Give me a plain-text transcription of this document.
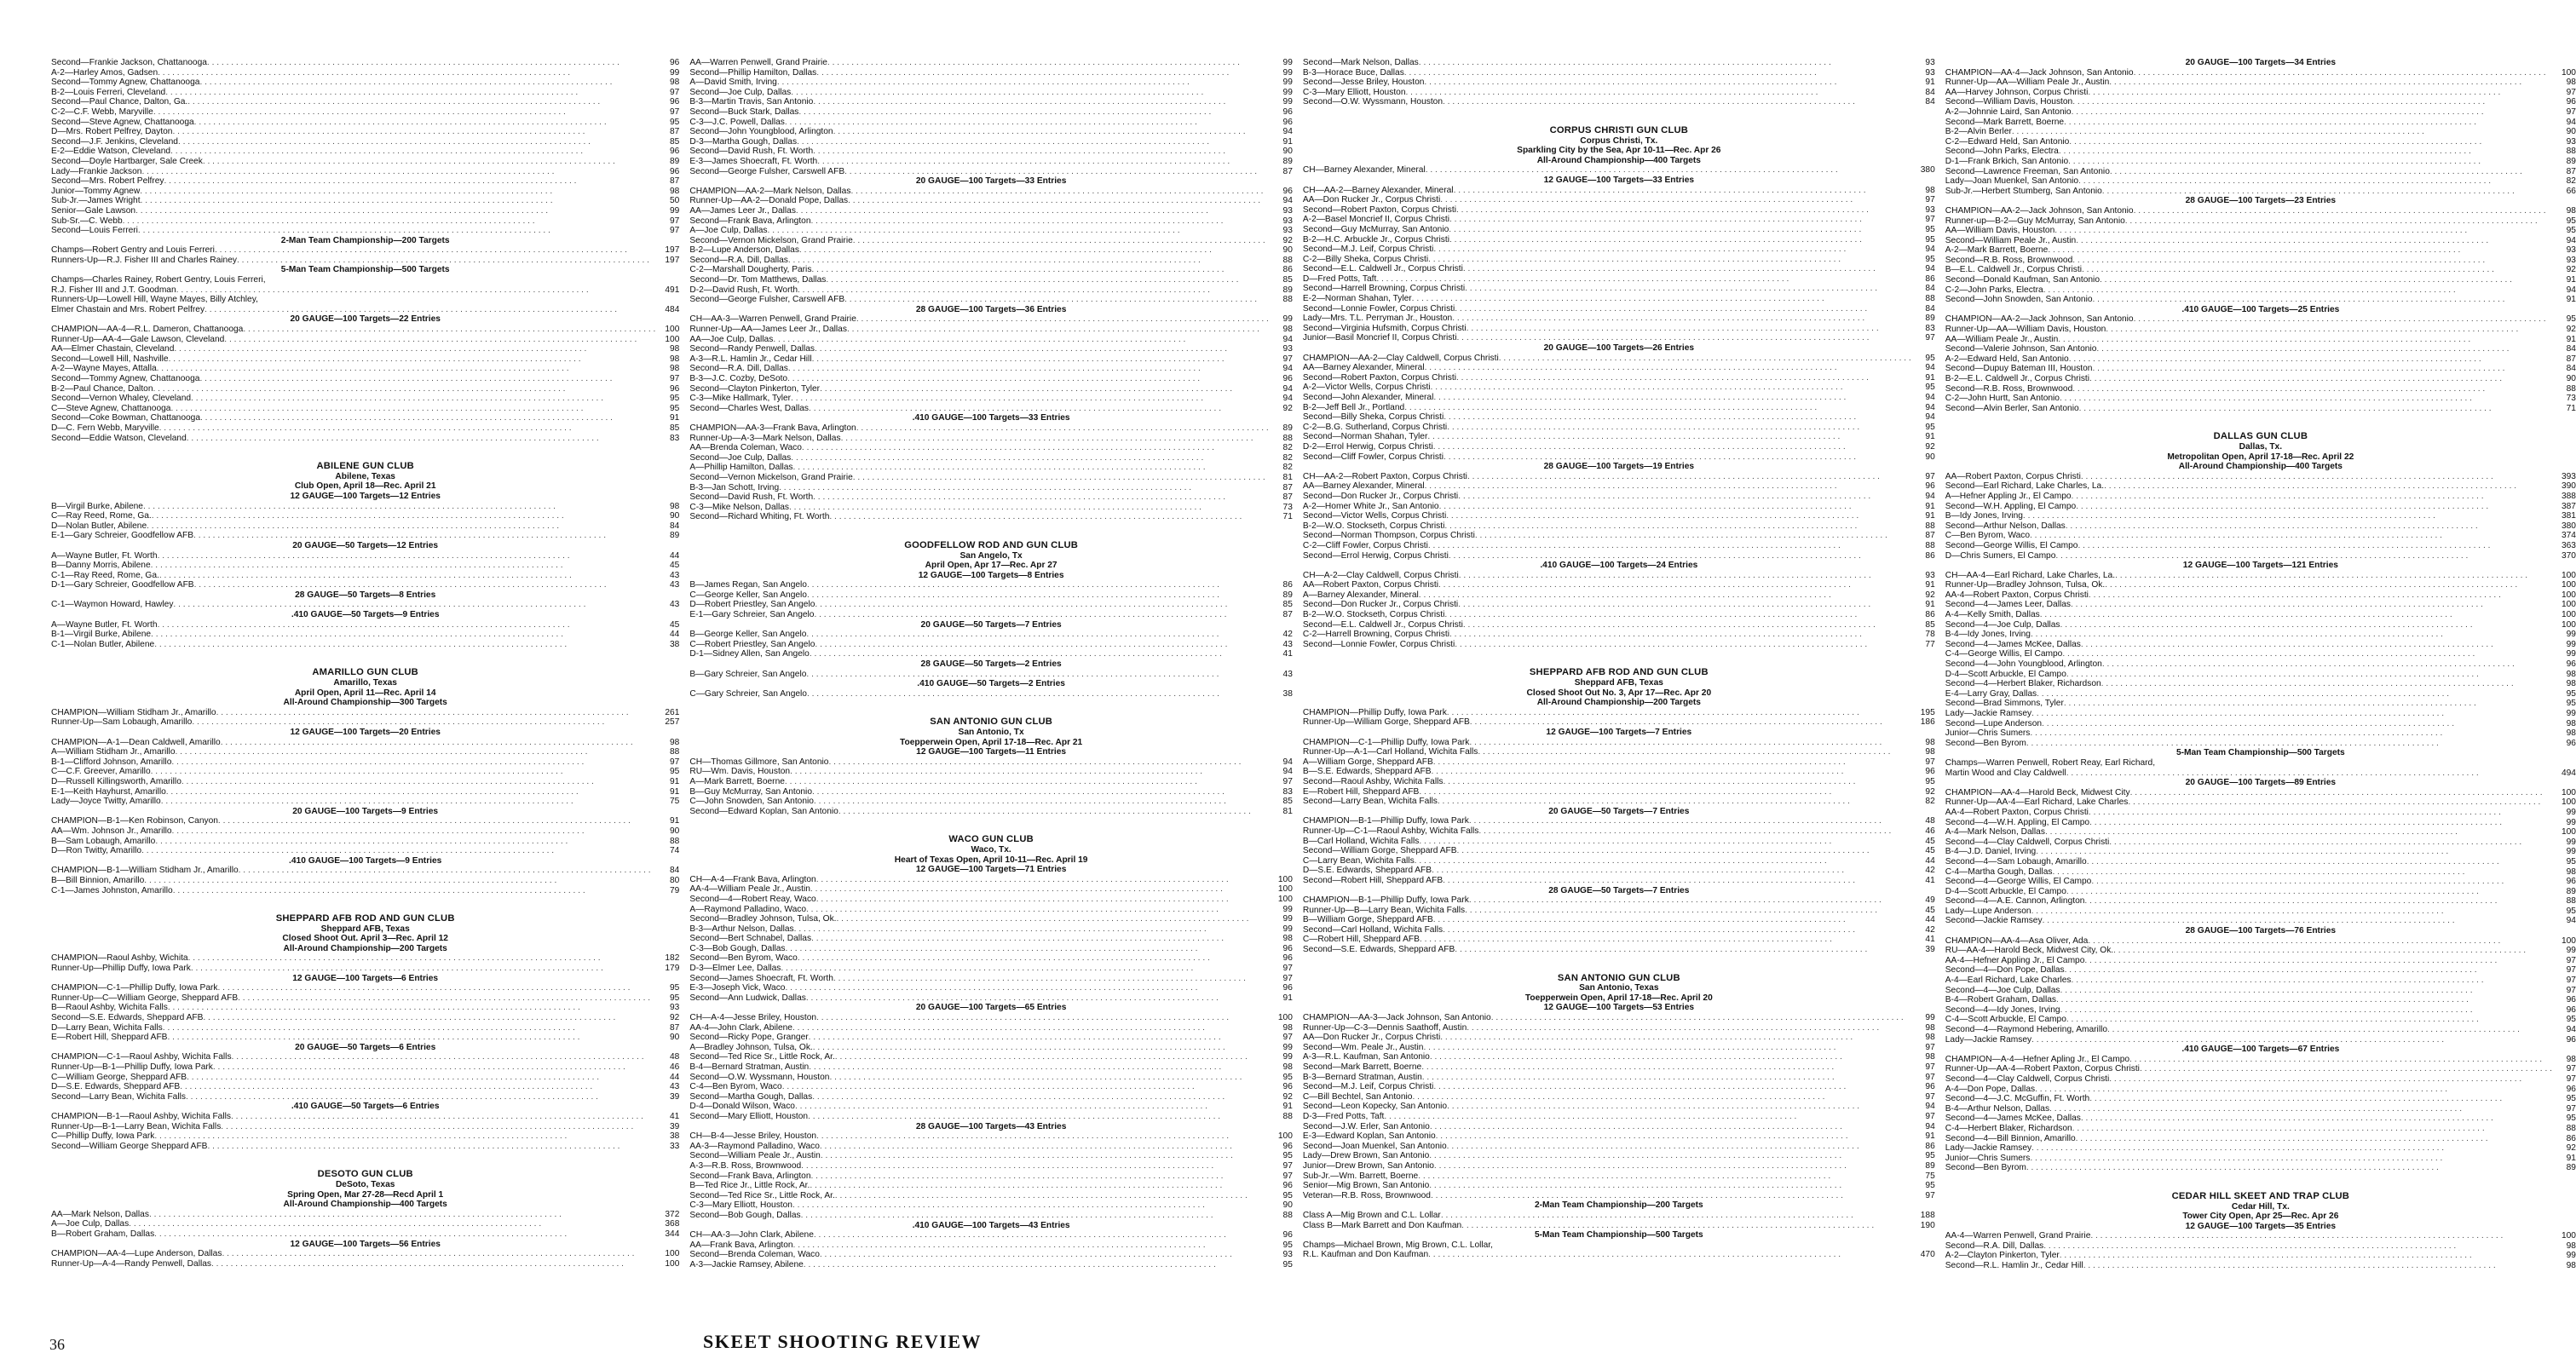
Second—Frankie Jackson, Chattanooga . . .	96
A-2—Harley Amos, Gadsen . . .	99
Second—Tommy Agnew, Chattanooga . . .	98
B-2—Louis Ferreri, Cleveland . . .	97
Second—Paul Chance, Dalton, Ga. . . .	96
C-2—C.F. Webb, Maryville . . .	97
Second—Steve Agnew, Chattanooga . . .	95
D—Mrs. Robert Pelfrey, Dayton . . .	87
Second—J.F. Jenkins, Cleveland . . .	85
E-2—Eddie Watson, Cleveland . . .	96
Second—Doyle Hartbarger, Sale Creek . . .	89
Lady—Frankie Jackson . . .	96
Second—Mrs. Robert Pelfrey . . .	87
Junior—Tommy Agnew . . .	98
Sub-Jr.—James Wright . . .	50
Senior—Gale Lawson . . .	99
Sub-Sr.—C. Webb . . .	97
Second—Louis Ferreri . . .	97
2-Man Team Championship—200 Targets
Champs—Robert Gentry and Louis Ferreri . . .	197
Runners-Up—R.J. Fisher III and Charles Rainey . . .	197
5-Man Team Championship—500 Targets
Champs—Charles Rainey, Robert Gentry, Louis Ferreri,
R.J. Fisher III and J.T. Goodman . . .	491
Runners-Up—Lowell Hill, Wayne Mayes, Billy Atchley,
Elmer Chastain and Mrs. Robert Pelfrey . . .	484
20 GAUGE—100 Targets—22 Entries
CHAMPION—AA-4—R.L. Dameron, Chattanooga . . .	100
Runner-Up—AA-4—Gale Lawson, Cleveland . . .	100
AA—Elmer Chastain, Cleveland . . .	98
Second—Lowell Hill, Nashville . . .	98
A-2—Wayne Mayes, Attalla . . .	98
Second—Tommy Agnew, Chattanooga . . .	97
B-2—Paul Chance, Dalton . . .	96
Second—Vernon Whaley, Cleveland . . .	95
C—Steve Agnew, Chattanooga . . .	95
Second—Coke Bowman, Chattanooga . . .	91
D—C. Fern Webb, Maryville . . .	85
Second—Eddie Watson, Cleveland . . .	83
ABILENE GUN CLUB
Abilene, Texas
Club Open, April 18—Rec. April 21
12 GAUGE—100 Targets—12 Entries
B—Virgil Burke, Abilene . . .	98
C—Ray Reed, Rome, Ga. . . .	90
D—Nolan Butler, Abilene . . .	84
E-1—Gary Schreier, Goodfellow AFB . . .	89
20 GAUGE—50 Targets—12 Entries
A—Wayne Butler, Ft. Worth . . .	44
B—Danny Morris, Abilene . . .	45
C-1—Ray Reed, Rome, Ga. . . .	43
D-1—Gary Schreier, Goodfellow AFB . . .	43
28 GAUGE—50 Targets—8 Entries
C-1—Waymon Howard, Hawley . . .	43
.410 GAUGE—50 Targets—9 Entries
A—Wayne Butler, Ft. Worth . . .	45
B-1—Virgil Burke, Abilene . . .	44
C-1—Nolan Butler, Abilene . . .	38
AMARILLO GUN CLUB
Amarillo, Texas
April Open, April 11—Rec. April 14
All-Around Championship—300 Targets
CHAMPION—William Stidham Jr., Amarillo . . .	261
Runner-Up—Sam Lobaugh, Amarillo . . .	257
12 GAUGE—100 Targets—20 Entries
CHAMPION—A-1—Dean Caldwell, Amarillo . . .	98
A—William Stidham Jr., Amarillo . . .	88
B-1—Clifford Johnson, Amarillo . . .	97
C—C.F. Greever, Amarillo . . .	95
D—Russell Killingsworth, Amarillo . . .	91
E-1—Keith Hayhurst, Amarillo . . .	91
Lady—Joyce Twitty, Amarillo . . .	75
20 GAUGE—100 Targets—9 Entries
CHAMPION—B-1—Ken Robinson, Canyon . . .	91
AA—Wm. Johnson Jr., Amarillo . . .	90
B—Sam Lobaugh, Amarillo . . .	88
D—Ron Twitty, Amarillo . . .	74
.410 GAUGE—100 Targets—9 Entries
CHAMPION—B-1—William Stidham Jr., Amarillo . . .	84
B—Bill Binnion, Amarillo . . .	80
C-1—James Johnston, Amarillo . . .	79
SHEPPARD AFB ROD AND GUN CLUB
Sheppard AFB, Texas
Closed Shoot Out. April 3—Rec. April 12
All-Around Championship—200 Targets
CHAMPION—Raoul Ashby, Wichita . . .	182
Runner-Up—Phillip Duffy, Iowa Park . . .	179
12 GAUGE—100 Targets—6 Entries
CHAMPION—C-1—Phillip Duffy, Iowa Park . . .	95
Runner-Up—C—William George, Sheppard AFB . . .	95
B—Raoul Ashby, Wichita Falls . . .	93
Second—S.E. Edwards, Sheppard AFB . . .	92
D—Larry Bean, Wichita Falls . . .	87
E—Robert Hill, Sheppard AFB . . .	90
20 GAUGE—50 Targets—6 Entries
CHAMPION—C-1—Raoul Ashby, Wichita Falls . . .	48
Runner-Up—B-1—Phillip Duffy, Iowa Park . . .	46
C—William George, Sheppard AFB . . .	44
D—S.E. Edwards, Sheppard AFB . . .	43
Second—Larry Bean, Wichita Falls . . .	39
.410 GAUGE—50 Targets—6 Entries
CHAMPION—B-1—Raoul Ashby, Wichita Falls . . .	41
Runner-Up—B-1—Larry Bean, Wichita Falls . . .	39
C—Phillip Duffy, Iowa Park . . .	38
Second—William George Sheppard AFB . . .	33
DESOTO GUN CLUB
DeSoto, Texas
Spring Open, Mar 27-28—Recd April 1
All-Around Championship—400 Targets
AA—Mark Nelson, Dallas . . .	372
A—Joe Culp, Dallas . . .	368
B—Robert Graham, Dallas . . .	344
12 GAUGE—100 Targets—56 Entries
CHAMPION—AA-4—Lupe Anderson, Dallas . . .	100
Runner-Up—A-4—Randy Penwell, Dallas . . .	100
AA—Warren Penwell, Grand Prairie . . .	99
Second—Phillip Hamilton, Dallas . . .	99
A—David Smith, Irving . . .	99
Second—Joe Culp, Dallas . . .	99
B-3—Martin Travis, San Antonio . . .	99
Second—Buck Stark, Dallas . . .	96
C-3—J.C. Powell, Dallas . . .	96
Second—John Youngblood, Arlington . . .	94
D-3—Martha Gough, Dallas . . .	91
Second—David Rush, Ft. Worth . . .	90
E-3—James Shoecraft, Ft. Worth . . .	89
Second—George Fulsher, Carswell AFB . . .	87
20 GAUGE—100 Targets—33 Entries
CHAMPION—AA-2—Mark Nelson, Dallas . . .	96
Runner-Up—AA-2—Donald Pope, Dallas . . .	94
AA—James Leer Jr., Dallas . . .	93
Second—Frank Bava, Arlington . . .	93
A—Joe Culp, Dallas . . .	93
Second—Vernon Mickelson, Grand Prairie . . .	92
B-2—Lupe Anderson, Dallas . . .	90
Second—R.A. Dill, Dallas . . .	88
C-2—Marshall Dougherty, Paris . . .	86
Second—Dr. Tom Matthews, Dallas . . .	85
D-2—David Rush, Ft. Worth . . .	89
Second—George Fulsher, Carswell AFB . . .	88
28 GAUGE—100 Targets—36 Entries
CH—AA-3—Warren Penwell, Grand Prairie . . .	99
Runner-Up—AA—James Leer Jr., Dallas . . .	98
AA—Joe Culp, Dallas . . .	94
Second—Randy Penwell, Dallas . . .	93
A-3—R.L. Hamlin Jr., Cedar Hill . . .	97
Second—R.A. Dill, Dallas . . .	94
B-3—J.C. Cozby, DeSoto . . .	96
Second—Clayton Pinkerton, Tyler . . .	94
C-3—Mike Hallmark, Tyler . . .	94
Second—Charles West, Dallas . . .	92
.410 GAUGE—100 Targets—33 Entries
CHAMPION—AA-3—Frank Bava, Arlington . . .	89
Runner-Up—A-3—Mark Nelson, Dallas . . .	88
AA—Brenda Coleman, Waco . . .	82
Second—Joe Culp, Dallas . . .	82
A—Phillip Hamilton, Dallas . . .	82
Second—Vernon Mickelson, Grand Prairie . . .	81
B-3—Jan Schott, Irving . . .	87
Second—David Rush, Ft. Worth . . .	87
C-3—Mike Nelson, Dallas . . .	73
Second—Richard Whiting, Ft. Worth . . .	71
GOODFELLOW ROD AND GUN CLUB
San Angelo, Tx
April Open, Apr 17—Rec. Apr 27
12 GAUGE—100 Targets—8 Entries
B—James Regan, San Angelo . . .	86
C—George Keller, San Angelo . . .	89
D—Robert Priestley, San Angelo . . .	85
E-1—Gary Schreier, San Angelo . . .	87
20 GAUGE—50 Targets—7 Entries
B—George Keller, San Angelo . . .	42
C—Robert Priestley, San Angelo . . .	43
D-1—Sidney Allen, San Angelo . . .	41
28 GAUGE—50 Targets—2 Entries
B—Gary Schreier, San Angelo . . .	43
.410 GAUGE—50 Targets—2 Entries
C—Gary Schreier, San Angelo . . .	38
SAN ANTONIO GUN CLUB
San Antonio, Tx
Toepperwein Open, April 17-18—Rec. Apr 21
12 GAUGE—100 Targets—11 Entries
CH—Thomas Gillmore, San Antonio . . .	94
RU—Wm. Davis, Houston . . .	94
A—Mark Barrett, Boerne . . .	97
B—Guy McMurray, San Antonio . . .	83
C—John Snowden, San Antonio . . .	85
Second—Edward Koplan, San Antonio . . .	81
WACO GUN CLUB
Waco, Tx.
Heart of Texas Open, April 10-11—Rec. April 19
12 GAUGE—100 Targets—71 Entries
CH—A-4—Frank Bava, Arlington . . .	100
AA-4—William Peale Jr., Austin . . .	100
Second—4—Robert Reay, Waco . . .	100
A—Raymond Palladino, Waco . . .	99
Second—Bradley Johnson, Tulsa, Ok. . . .	99
B-3—Arthur Nelson, Dallas . . .	99
Second—Bert Schnabel, Dallas . . .	98
C-3—Bob Gough, Dallas . . .	96
Second—Ben Byrom, Waco . . .	96
D-3—Elmer Lee, Dallas . . .	97
Second—James Shoecraft, Ft. Worth . . .	97
E-3—Joseph Vick, Waco . . .	96
Second—Ann Ludwick, Dallas . . .	91
20 GAUGE—100 Targets—65 Entries
CH—A-4—Jesse Briley, Houston . . .	100
AA-4—John Clark, Abilene . . .	98
Second—Ricky Pope, Granger . . .	97
A—Bradley Johnson, Tulsa, Ok. . . .	99
Second—Ted Rice Sr., Little Rock, Ar. . . .	99
B-4—Bernard Stratman, Austin . . .	98
Second—O.W. Wyssmann, Houston . . .	95
C-4—Ben Byrom, Waco . . .	96
Second—Martha Gough, Dallas . . .	92
D-4—Donald Wilson, Waco . . .	91
Second—Mary Elliott, Houston . . .	88
28 GAUGE—100 Targets—43 Entries
CH—B-4—Jesse Briley, Houston . . .	100
AA-3—Raymond Palladino, Waco . . .	96
Second—William Peale Jr., Austin . . .	95
A-3—R.B. Ross, Brownwood . . .	97
Second—Frank Bava, Arlington . . .	97
B—Ted Rice Jr., Little Rock, Ar. . . .	96
Second—Ted Rice Sr., Little Rock, Ar. . . .	95
C-3—Mary Elliott, Houston . . .	90
Second—Bob Gough, Dallas . . .	88
.410 GAUGE—100 Targets—43 Entries
CH—AA-3—John Clark, Abilene . . .	96
AA—Frank Bava, Arlington . . .	95
Second—Brenda Coleman, Waco . . .	93
A-3—Jackie Ramsey, Abilene . . .	95
Second—Mark Nelson, Dallas . . .	93
B-3—Horace Buce, Dallas . . .	93
Second—Jesse Briley, Houston . . .	91
C-3—Mary Elliott, Houston . . .	84
Second—O.W. Wyssmann, Houston . . .	84
CORPUS CHRISTI GUN CLUB
Corpus Christi, Tx.
Sparkling City by the Sea, Apr 10-11—Rec. Apr 26
All-Around Championship—400 Targets
CH—Barney Alexander, Mineral . . .	380
12 GAUGE—100 Targets—33 Entries
CH—AA-2—Barney Alexander, Mineral . . .	98
AA—Don Rucker Jr., Corpus Christi . . .	97
Second—Robert Paxton, Corpus Christi . . .	93
A-2—Basel Moncrief II, Corpus Christi . . .	97
Second—Guy McMurray, San Antonio . . .	95
B-2—H.C. Arbuckle Jr., Corpus Christi . . .	95
Second—M.J. Leif, Corpus Christi . . .	94
C-2—Billy Sheka, Corpus Christi . . .	95
Second—E.L. Caldwell Jr., Corpus Christi . . .	94
D—Fred Potts, Taft . . .	86
Second—Harrell Browning, Corpus Christi . . .	84
E-2—Norman Shahan, Tyler . . .	88
Second—Lonnie Fowler, Corpus Christi . . .	84
Lady—Mrs. T.L. Perryman Jr., Houston . . .	89
Second—Virginia Hufsmith, Corpus Christi . . .	83
Junior—Basil Moncrief II, Corpus Christi . . .	97
20 GAUGE—100 Targets—26 Entries
CHAMPION—AA-2—Clay Caldwell, Corpus Christi . . .	95
AA—Barney Alexander, Mineral . . .	94
Second—Robert Paxton, Corpus Christi . . .	91
A-2—Victor Wells, Corpus Christi . . .	95
Second—John Alexander, Mineral . . .	94
B-2—Jeff Bell Jr., Portland . . .	94
Second—Billy Sheka, Corpus Christi . . .	94
C-2—B.G. Sutherland, Corpus Christi . . .	95
Second—Norman Shahan, Tyler . . .	91
D-2—Errol Herwig, Corpus Christi . . .	92
Second—Cliff Fowler, Corpus Christi . . .	90
28 GAUGE—100 Targets—19 Entries
CH—AA-2—Robert Paxton, Corpus Christi . . .	97
AA—Barney Alexander, Mineral . . .	96
Second—Don Rucker Jr., Corpus Christi . . .	94
A-2—Homer White Jr., San Antonio . . .	91
Second—Victor Wells, Corpus Christi . . .	91
B-2—W.O. Stockseth, Corpus Christi . . .	88
Second—Norman Thompson, Corpus Christi . . .	87
C-2—Cliff Fowler, Corpus Christi . . .	88
Second—Errol Herwig, Corpus Christi . . .	86
.410 GAUGE—100 Targets—24 Entries
CH—A-2—Clay Caldwell, Corpus Christi . . .	93
AA—Robert Paxton, Corpus Christi . . .	91
A—Barney Alexander, Mineral . . .	92
Second—Don Rucker Jr., Corpus Christi . . .	91
B-2—W.O. Stockseth, Corpus Christi . . .	86
Second—E.L. Caldwell Jr., Corpus Christi . . .	85
C-2—Harrell Browning, Corpus Christi . . .	78
Second—Lonnie Fowler, Corpus Christi . . .	77
SHEPPARD AFB ROD AND GUN CLUB
Sheppard AFB, Texas
Closed Shoot Out No. 3, Apr 17—Rec. Apr 20
All-Around Championship—200 Targets
CHAMPION—Phillip Duffy, Iowa Park . . .	195
Runner-Up—William Gorge, Sheppard AFB . . .	186
12 GAUGE—100 Targets—7 Entries
CHAMPION—C-1—Phillip Duffy, Iowa Park . . .	98
Runner-Up—A-1—Carl Holland, Wichita Falls . . .	98
A—William Gorge, Sheppard AFB . . .	97
B—S.E. Edwards, Sheppard AFB . . .	96
Second—Raoul Ashby, Wichita Falls . . .	95
E—Robert Hill, Sheppard AFB . . .	92
Second—Larry Bean, Wichita Falls . . .	82
20 GAUGE—50 Targets—7 Entries
CHAMPION—B-1—Phillip Duffy, Iowa Park . . .	48
Runner-Up—C-1—Raoul Ashby, Wichita Falls . . .	46
B—Carl Holland, Wichita Falls . . .	45
Second—William Gorge, Sheppard AFB . . .	45
C—Larry Bean, Wichita Falls . . .	44
D—S.E. Edwards, Sheppard AFB . . .	42
Second—Robert Hill, Sheppard AFB . . .	41
28 GAUGE—50 Targets—7 Entries
CHAMPION—B-1—Phillip Duffy, Iowa Park . . .	49
Runner-Up—B—Larry Bean, Wichita Falls . . .	45
B—William Gorge, Sheppard AFB . . .	44
Second—Carl Holland, Wichita Falls . . .	42
C—Robert Hill, Sheppard AFB . . .	41
Second—S.E. Edwards, Sheppard AFB . . .	39
SAN ANTONIO GUN CLUB
San Antonio, Texas
Toepperwein Open, April 17-18—Rec. April 20
12 GAUGE—100 Targets—53 Entries
CHAMPION—AA-3—Jack Johnson, San Antonio . . .	99
Runner-Up—C-3—Dennis Saathoff, Austin . . .	98
AA—Don Rucker Jr., Corpus Christi . . .	98
Second—Wm. Peale Jr., Austin . . .	97
A-3—R.L. Kaufman, San Antonio . . .	98
Second—Mark Barrett, Boerne . . .	97
B-3—Bernard Stratman, Austin . . .	97
Second—M.J. Leif, Corpus Christi . . .	96
C—Bill Bechtel, San Antonio . . .	97
Second—Leon Kopecky, San Antonio . . .	94
D-3—Fred Potts, Taft . . .	97
Second—J.W. Erler, San Antonio . . .	94
E-3—Edward Koplan, San Antonio . . .	91
Second—Joan Muenkel, San Antonio . . .	86
Lady—Drew Brown, San Antonio . . .	95
Junior—Drew Brown, San Antonio . . .	89
Sub-Jr.—Wm. Barrett, Boerne . . .	75
Senior—Mig Brown, San Antonio . . .	95
Veteran—R.B. Ross, Brownwood . . .	97
2-Man Team Championship—200 Targets
Class A—Mig Brown and C.L. Lollar . . .	188
Class B—Mark Barrett and Don Kaufman . . .	190
5-Man Team Championship—500 Targets
Champs—Michael Brown, Mig Brown, C.L. Lollar,
R.L. Kaufman and Don Kaufman . . .	470
20 GAUGE—100 Targets—34 Entries
CHAMPION—AA-4—Jack Johnson, San Antonio . . .	100
Runner-Up—AA—William Peale Jr., Austin . . .	98
AA—Harvey Johnson, Corpus Christi . . .	97
Second—William Davis, Houston . . .	96
A-2—Johnnie Laird, San Antonio . . .	97
Second—Mark Barrett, Boerne . . .	94
B-2—Alvin Berler . . .	90
C-2—Edward Held, San Antonio . . .	93
Second—John Parks, Electra . . .	88
D-1—Frank Brkich, San Antonio . . .	89
Second—Lawrence Freeman, San Antonio . . .	87
Lady—Joan Muenkel, San Antonio . . .	82
Sub-Jr.—Herbert Stumberg, San Antonio . . .	66
28 GAUGE—100 Targets—23 Entries
CHAMPION—AA-2—Jack Johnson, San Antonio . . .	98
Runner-up—B-2—Guy McMurray, San Antonio . . .	95
AA—William Davis, Houston . . .	95
Second—William Peale Jr., Austin . . .	94
A-2—Mark Barrett, Boerne . . .	93
Second—R.B. Ross, Brownwood . . .	93
B—E.L. Caldwell Jr., Corpus Christi . . .	92
Second—Donald Kaufman, San Antonio . . .	91
C-2—John Parks, Electra . . .	94
Second—John Snowden, San Antonio . . .	91
.410 GAUGE—100 Targets—25 Entries
CHAMPION—AA-2—Jack Johnson, San Antonio . . .	95
Runner-Up—AA—William Davis, Houston . . .	92
AA—William Peale Jr., Austin . . .	91
Second—Valerie Johnson, San Antonio . . .	84
A-2—Edward Held, San Antonio . . .	87
Second—Dupuy Bateman III, Houston . . .	84
B-2—E.L. Caldwell Jr., Corpus Christi . . .	90
Second—R.B. Ross, Brownwood . . .	88
C-2—John Hurtt, San Antonio . . .	73
Second—Alvin Berler, San Antonio . . .	71
DALLAS GUN CLUB
Dallas, Tx.
Metropolitan Open, April 17-18—Rec. April 22
All-Around Championship—400 Targets
AA—Robert Paxton, Corpus Christi . . .	393
Second—Earl Richard, Lake Charles, La. . . .	390
A—Hefner Appling Jr., El Campo . . .	388
Second—W.H. Appling, El Campo . . .	387
B—Idy Jones, Irving . . .	381
Second—Arthur Nelson, Dallas . . .	380
C—Ben Byrom, Waco . . .	374
Second—George Willis, El Campo . . .	363
D—Chris Sumers, El Campo . . .	370
12 GAUGE—100 Targets—121 Entries
CH—AA-4—Earl Richard, Lake Charles, La. . . .	100
Runner-Up—Bradley Johnson, Tulsa, Ok. . . .	100
AA-4—Robert Paxton, Corpus Christi . . .	100
Second—4—James Leer, Dallas . . .	100
A-4—Kelly Smith, Dallas . . .	100
Second—4—Joe Culp, Dallas . . .	100
B-4—Idy Jones, Irving . . .	99
Second—4—James McKee, Dallas . . .	99
C-4—George Willis, El Campo . . .	99
Second—4—John Youngblood, Arlington . . .	96
D-4—Scott Arbuckle, El Campo . . .	98
Second—4—Herbert Blaker, Richardson . . .	98
E-4—Larry Gray, Dallas . . .	95
Second—Brad Simmons, Tyler . . .	95
Lady—Jackie Ramsey . . .	99
Second—Lupe Anderson . . .	98
Junior—Chris Sumers . . .	98
Second—Ben Byrom . . .	96
5-Man Team Championship—500 Targets
Champs—Warren Penwell, Robert Reay, Earl Richard,
Martin Wood and Clay Caldwell . . .	494
20 GAUGE—100 Targets—89 Entries
CHAMPION—AA-4—Harold Beck, Midwest City . . .	100
Runner-Up—AA-4—Earl Richard, Lake Charles . . .	100
AA-4—Robert Paxton, Corpus Christi . . .	99
Second—4—W.H. Appling, El Campo . . .	99
A-4—Mark Nelson, Dallas . . .	100
Second—4—Clay Caldwell, Corpus Christi . . .	99
B-4—J.D. Daniel, Irving . . .	99
Second—4—Sam Lobaugh, Amarillo . . .	95
C-4—Martha Gough, Dallas . . .	98
Second—4—George Willis, El Campo . . .	96
D-4—Scott Arbuckle, El Campo . . .	89
Second—4—A.E. Cannon, Arlington . . .	88
Lady—Lupe Anderson . . .	95
Second—Jackie Ramsey . . .	94
28 GAUGE—100 Targets—76 Entries
CHAMPION—AA-4—Asa Oliver, Ada . . .	100
RU—AA-4—Harold Beck, Midwest City, Ok. . . .	99
AA-4—Hefner Appling Jr., El Campo . . .	97
Second—4—Don Pope, Dallas . . .	97
A-4—Earl Richard, Lake Charles . . .	97
Second—4—Joe Culp, Dallas . . .	97
B-4—Robert Graham, Dallas . . .	96
Second—4—Idy Jones, Irving . . .	96
C-4—Scott Arbuckle, El Campo . . .	95
Second—4—Raymond Hebering, Amarillo . . .	94
Lady—Jackie Ramsey . . .	96
.410 GAUGE—100 Targets—67 Entries
CHAMPION—A-4—Hefner Apling Jr., El Campo . . .	98
Runner-Up—AA-4—Robert Paxton, Corpus Christi . . .	97
Second—4—Clay Caldwell, Corpus Christi . . .	97
A-4—Don Pope, Dallas . . .	96
Second—4—J.C. McGuffin, Ft. Worth . . .	95
B-4—Arthur Nelson, Dallas . . .	97
Second—4—James McKee, Dallas . . .	95
C-4—Herbert Blaker, Richardson . . .	88
Second—4—Bill Binnion, Amarillo . . .	86
Lady—Jackie Ramsey . . .	92
Junior—Chris Sumers . . .	91
Second—Ben Byrom . . .	89
CEDAR HILL SKEET AND TRAP CLUB
Cedar Hill, Tx.
Tower City Open, Apr 25—Rec. Apr 26
12 GAUGE—100 Targets—35 Entries
AA-4—Warren Penwell, Grand Prairie . . .	100
Second—R.A. Dill, Dallas . . .	98
A-2—Clayton Pinkerton, Tyler . . .	99
Second—R.L. Hamlin Jr., Cedar Hill . . .	98
36	SKEET SHOOTING REVIEW
